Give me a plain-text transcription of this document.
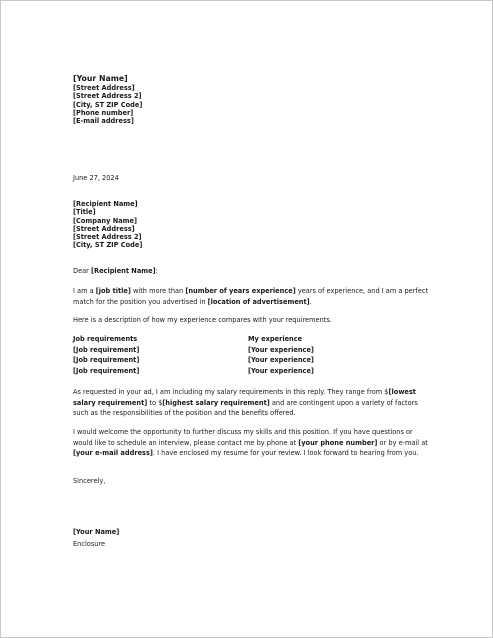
[Your Name]
[Street Address]
[Street Address 2]
[City, ST ZIP Code]
[Phone number]
[E-mail address]
June 27, 2024
[Recipient Name]
[Title]
[Company Name]
[Street Address]
[Street Address 2]
[City, ST ZIP Code]
Dear [Recipient Name]:
I am a [job title] with more than [number of years experience] years of experience, and I am a perfect match for the position you advertised in [location of advertisement].
Here is a description of how my experience compares with your requirements.
Job requirements	My experience
[Job requirement]	[Your experience]
[Job requirement]	[Your experience]
[Job requirement]	[Your experience]
As requested in your ad, I am including my salary requirements in this reply. They range from $[lowest salary requirement] to $[highest salary requirement] and are contingent upon a variety of factors such as the responsibilities of the position and the benefits offered.
I would welcome the opportunity to further discuss my skills and this position. If you have questions or would like to schedule an interview, please contact me by phone at [your phone number] or by e-mail at [your e-mail address]. I have enclosed my resume for your review. I look forward to hearing from you.
Sincerely,
[Your Name]
Enclosure
